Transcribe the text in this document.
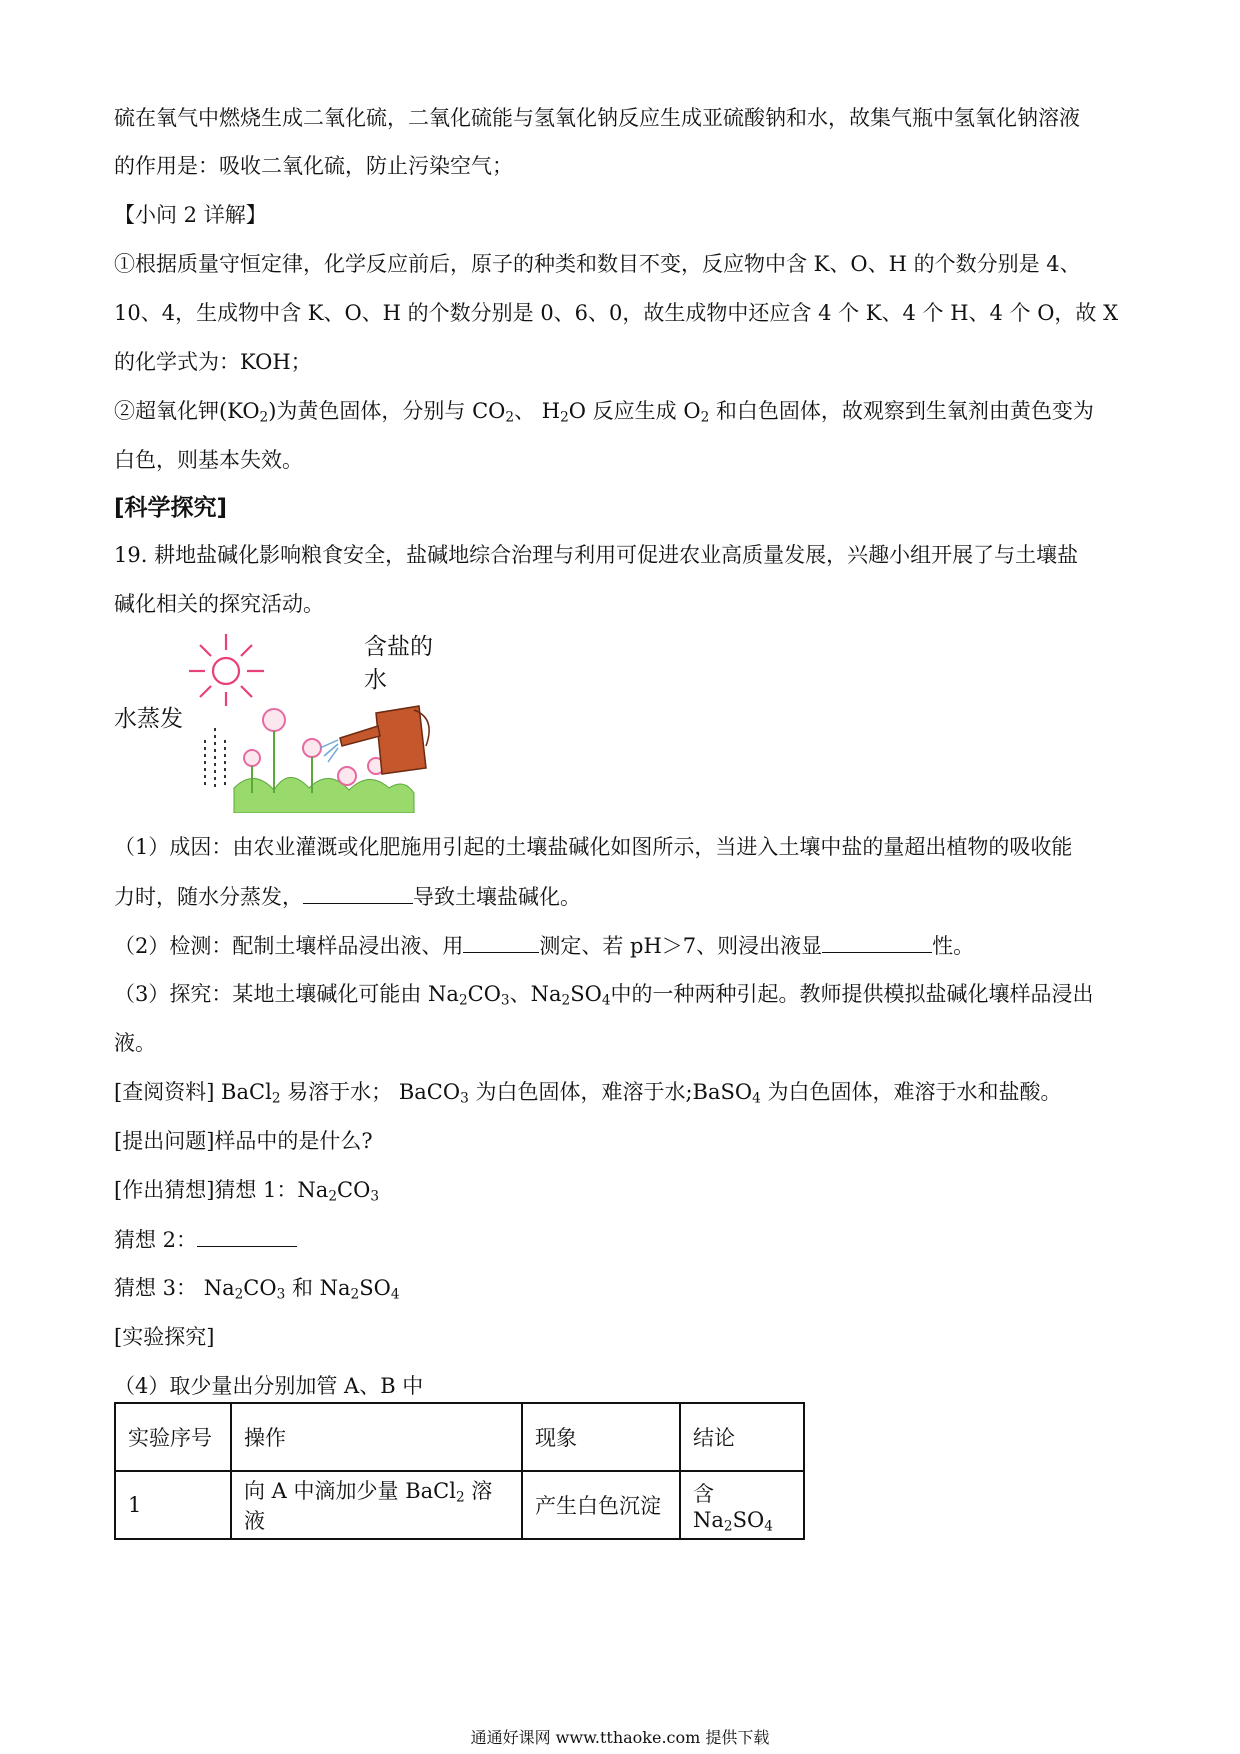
硫在氧气中燃烧生成二氧化硫，二氧化硫能与氢氧化钠反应生成亚硫酸钠和水，故集气瓶中氢氧化钠溶液
的作用是：吸收二氧化硫，防止污染空气；
【小问 2 详解】
①根据质量守恒定律，化学反应前后，原子的种类和数目不变，反应物中含 K、O、H 的个数分别是 4、
10、4，生成物中含 K、O、H 的个数分别是 0、6、0，故生成物中还应含 4 个 K、4 个 H、4 个 O，故 X
的化学式为：KOH；
②超氧化钾$(KO_2)$为黄色固体，分别与 $CO_2$、 $H_2O$ 反应生成 $O_2$ 和白色固体，故观察到生氧剂由黄色变为
白色，则基本失效。
[科学探究]
19. 耕地盐碱化影响粮食安全，盐碱地综合治理与利用可促进农业高质量发展，兴趣小组开展了与土壤盐
碱化相关的探究活动。
含盐的水
水蒸发
（1）成因：由农业灌溉或化肥施用引起的土壤盐碱化如图所示，当进入土壤中盐的量超出植物的吸收能
力时，随水分蒸发，	导致土壤盐碱化。
（2）检测：配制土壤样品浸出液、用	测定、若 pH＞7、则浸出液显	性。
（3）探究：某地土壤碱化可能由 $Na_2CO_3$、$Na_2SO_4$中的一种两种引起。教师提供模拟盐碱化壤样品浸出
液。
[查阅资料] BaCl$_2$ 易溶于水； BaCO$_3$ 为白色固体，难溶于水;BaSO$_4$ 为白色固体，难溶于水和盐酸。
[提出问题]样品中的是什么?
[作出猜想]猜想 1：$Na_2CO_3$
猜想 2：
猜想 3： $Na_2CO_3$ 和 $Na_2SO_4$
[实验探究]
（4）取少量出分别加管 A、B 中
实验序号	操作	现象	结论
1	向 A 中滴加少量 BaCl$_2$ 溶液	产生白色沉淀	含 $Na_2SO_4$
通通好课网 www.tthaoke.com 提供下载
